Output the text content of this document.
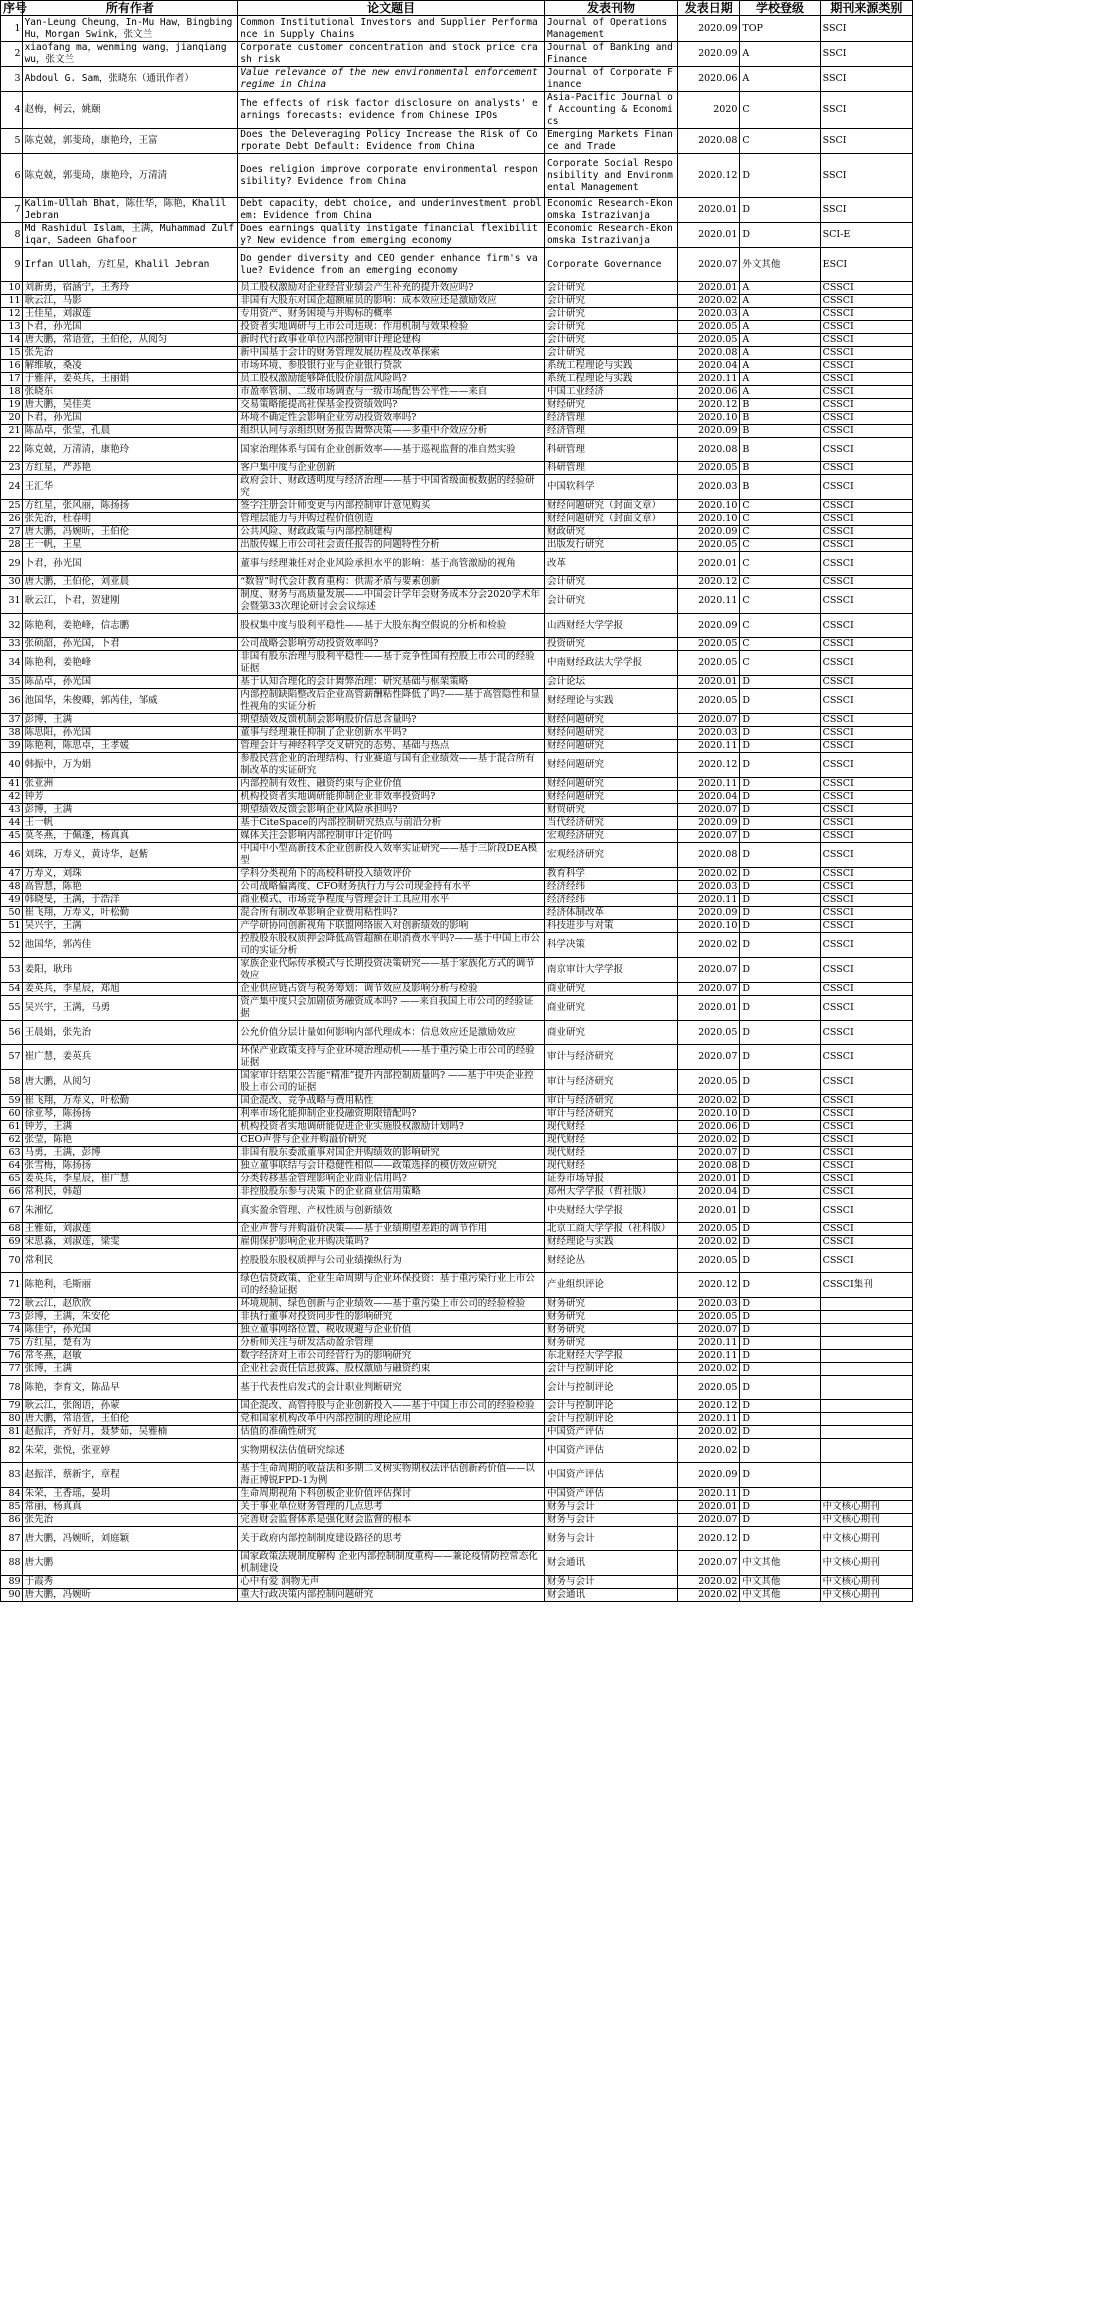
序号	所有作者	论文题目	发表刊物	发表日期	学校登级	期刊来源类别
1	Yan-Leung Cheung，In-Mu Haw，Bingbing Hu，Morgan Swink，张文兰	Common Institutional Investors and Supplier Performance in Supply Chains	Journal of Operations Management	2020.09	TOP	SSCI
2	xiaofang ma，wenming wang，jianqiang wu，张文兰	Corporate customer concentration and stock price crash risk	Journal of Banking and Finance	2020.09	A	SSCI
3	Abdoul G. Sam，张晓东（通讯作者）	Value relevance of the new environmental enforcement regime in China	Journal of Corporate Finance	2020.06	A	SSCI
4	赵梅，柯云，姚颐	The effects of risk factor disclosure on analysts' earnings forecasts: evidence from Chinese IPOs	Asia-Pacific Journal of Accounting & Economics	2020	C	SSCI
5	陈克兢，郭斐琦，康艳玲，王富	Does the Deleveraging Policy Increase the Risk of Corporate Debt Default: Evidence from China	Emerging Markets Finance and Trade	2020.08	C	SSCI
6	陈克兢，郭斐琦，康艳玲，万清清	Does religion improve corporate environmental responsibility? Evidence from China	Corporate Social Responsibility and Environmental Management	2020.12	D	SSCI
7	Kalim-Ullah Bhat，陈仕华，陈艳，Khalil Jebran	Debt capacity，debt choice, and underinvestment problem: Evidence from China	Economic Research-Ekonomska Istrazivanja	2020.01	D	SSCI
8	Md Rashidul Islam，王满，Muhammad Zulfiqar，Sadeen Ghafoor	Does earnings quality instigate financial flexibility? New evidence from emerging economy	Economic Research-Ekonomska Istrazivanja	2020.01	D	SCI-E
9	Irfan Ullah，方红星，Khalil Jebran	Do gender diversity and CEO gender enhance firm's value? Evidence from an emerging economy	Corporate Governance	2020.07	外文其他	ESCI
10	刘新勇，宿涵宁，王秀玲	员工股权激励对企业经营业绩会产生补充的提升效应吗?	会计研究	2020.01	A	CSSCI
11	耿云江，马影	非国有大股东对国企超额雇员的影响：成本效应还是激励效应	会计研究	2020.02	A	CSSCI
12	王佳星，刘淑莲	专用资产、财务困境与并购标的概率	会计研究	2020.03	A	CSSCI
13	卜君，孙光国	投资者实地调研与上市公司违规：作用机制与效果检验	会计研究	2020.05	A	CSSCI
14	唐大鹏，常语萱，王伯伦，从阅匀	新时代行政事业单位内部控制审计理论建构	会计研究	2020.05	A	CSSCI
15	张先治	新中国基于会计的财务管理发展历程及改革探索	会计研究	2020.08	A	CSSCI
16	解维敏，桑凌	市场环境、参股银行业与企业银行贷款	系统工程理论与实践	2020.04	A	CSSCI
17	于雅萍，姜英兵，王丽娟	员工股权激励能够降低股价崩盘风险吗?	系统工程理论与实践	2020.11	A	CSSCI
18	张晓东	市盈率管制、二级市场调查与一级市场配售公平性——来自	中国工业经济	2020.06	A	CSSCI
19	唐大鹏，吴佳美	交易策略能提高社保基金投资绩效吗?	财经研究	2020.12	B	CSSCI
20	卜君，孙光国	环境不确定性会影响企业劳动投资效率吗?	经济管理	2020.10	B	CSSCI
21	陈品卓，张莹，孔晨	组织认同与亲组织财务报告舞弊决策——多重中介效应分析	经济管理	2020.09	B	CSSCI
22	陈克兢，万清清，康艳玲	国家治理体系与国有企业创新效率——基于巡视监督的准自然实验	科研管理	2020.08	B	CSSCI
23	方红星，严苏艳	客户集中度与企业创新	科研管理	2020.05	B	CSSCI
24	王汇华	政府会计、财政透明度与经济治理——基于中国省级面板数据的经验研究	中国软科学	2020.03	B	CSSCI
25	方红星，张风丽，陈扬扬	签字注册会计师变更与内部控制审计意见购买	财经问题研究（封面文章）	2020.10	C	CSSCI
26	张先治，杜春明	管理层能力与并购过程价值创造	财经问题研究（封面文章）	2020.10	C	CSSCI
27	唐大鹏，冯婉昕，王伯伦	公共风险、财政政策与内部控制建构	财政研究	2020.09	C	CSSCI
28	王一帆，王星	出版传媒上市公司社会责任报告的问题特性分析	出版发行研究	2020.05	C	CSSCI
29	卜君，孙光国	董事与经理兼任对企业风险承担水平的影响：基于高管激励的视角	改革	2020.01	C	CSSCI
30	唐大鹏，王伯伦，刘亚晨	“数智”时代会计教育重构：供需矛盾与要素创新	会计研究	2020.12	C	CSSCI
31	耿云江，卜君，贺建刚	制度、财务与高质量发展——中国会计学年会财务成本分会2020学术年会暨第33次理论研讨会会议综述	会计研究	2020.11	C	CSSCI
32	陈艳利，姜艳峰，信志鹏	股权集中度与股利平稳性——基于大股东掏空假说的分析和检验	山西财经大学学报	2020.09	C	CSSCI
33	张硕韶，孙光国，卜君	公司战略会影响劳动投资效率吗?	投资研究	2020.05	C	CSSCI
34	陈艳利，姜艳峰	非国有股东治理与股利平稳性——基于竞争性国有控股上市公司的经验证据	中南财经政法大学学报	2020.05	C	CSSCI
35	陈品卓，孙光国	基于认知合理化的会计舞弊治理：研究基础与框架策略	会计论坛	2020.01	D	CSSCI
36	池国华，朱俊卿，郭芮佳，邹威	内部控制缺陷整改后企业高管薪酬粘性降低了吗?——基于高管隐性和显性视角的实证分析	财经理论与实践	2020.05	D	CSSCI
37	彭博，王满	期望绩效反馈机制会影响股价信息含量吗?	财经问题研究	2020.07	D	CSSCI
38	陈思阳，孙光国	董事与经理兼任抑制了企业创新水平吗?	财经问题研究	2020.03	D	CSSCI
39	陈艳利，陈思卓，王孝媛	管理会计与神经科学交叉研究的态势、基础与热点	财经问题研究	2020.11	D	CSSCI
40	韩振中，万为娟	参股民营企业的治理结构、行业赛道与国有企业绩效——基于混合所有制改革的实证研究	财经问题研究	2020.12	D	CSSCI
41	张亚洲	内部控制有效性、融资约束与企业价值	财经问题研究	2020.11	D	CSSCI
42	钟芳	机构投资者实地调研能抑制企业非效率投资吗?	财经问题研究	2020.04	D	CSSCI
43	彭博，王满	期望绩效反馈会影响企业风险承担吗?	财贸研究	2020.07	D	CSSCI
44	王一帆	基于CiteSpace的内部控制研究热点与前沿分析	当代经济研究	2020.09	D	CSSCI
45	莫冬燕，于佩蓬，杨真真	媒体关注会影响内部控制审计定价吗	宏观经济研究	2020.07	D	CSSCI
46	刘珠，万寿义，黄诗华，赵紫	中国中小型高新技术企业创新投入效率实证研究——基于三阶段DEA模型	宏观经济研究	2020.08	D	CSSCI
47	万寿义，刘珠	学科分类视角下的高校科研投入绩效评价	教育科学	2020.02	D	CSSCI
48	高智慧，陈艳	公司战略偏离度、CFO财务执行力与公司现金持有水平	经济经纬	2020.03	D	CSSCI
49	韩晓旻，王满，于浩洋	商业模式、市场竞争程度与管理会计工具应用水平	经济经纬	2020.11	D	CSSCI
50	崔飞翔，万寿义，叶松勤	混合所有制改革影响企业费用粘性吗?	经济体制改革	2020.09	D	CSSCI
51	吴兴宇，王满	产学研协同创新视角下联盟网络嵌入对创新绩效的影响	科技进步与对策	2020.10	D	CSSCI
52	池国华，郭芮佳	控股股东股权质押会降低高管超额在职消费水平吗?——基于中国上市公司的实证分析	科学决策	2020.02	D	CSSCI
53	姜阳，耿玮	家族企业代际传承模式与长期投资决策研究——基于家族化方式的调节效应	南京审计大学学报	2020.07	D	CSSCI
54	姜英兵，李星辰，郑旭	企业供应链占资与税务筹划：调节效应及影响分析与检验	商业研究	2020.07	D	CSSCI
55	吴兴宇，王满，马勇	资产集中度只会加剧债务融资成本吗? ——来自我国上市公司的经验证据	商业研究	2020.01	D	CSSCI
56	王晨娟，张先治	公允价值分层计量如何影响内部代理成本：信息效应还是激励效应	商业研究	2020.05	D	CSSCI
57	崔广慧，姜英兵	环保产业政策支持与企业环境治理动机——基于重污染上市公司的经验证据	审计与经济研究	2020.07	D	CSSCI
58	唐大鹏，从阅匀	国家审计结果公告能“精准”提升内部控制质量吗? ——基于中央企业控股上市公司的证据	审计与经济研究	2020.05	D	CSSCI
59	崔飞翔，万寿义，叶松勤	国企混改、竞争战略与费用粘性	审计与经济研究	2020.02	D	CSSCI
60	徐亚琴，陈扬扬	利率市场化能抑制企业投融资期限错配吗?	审计与经济研究	2020.10	D	CSSCI
61	钟芳，王满	机构投资者实地调研能促进企业实施股权激励计划吗?	现代财经	2020.06	D	CSSCI
62	张莹，陈艳	CEO声誉与企业并购溢价研究	现代财经	2020.02	D	CSSCI
63	马勇，王满，彭博	非国有股东委派董事对国企并购绩效的影响研究	现代财经	2020.07	D	CSSCI
64	张雪梅，陈扬扬	独立董事联结与会计稳健性相似——政策选择的模仿效应研究	现代财经	2020.08	D	CSSCI
65	姜英兵，李星辰，崔广慧	分类转移基金管理影响企业商业信用吗?	证券市场导报	2020.01	D	CSSCI
66	常利民，韩超	非控股股东参与决策下的企业商业信用策略	郑州大学学报（哲社版）	2020.04	D	CSSCI
67	朱湘忆	真实盈余管理、产权性质与创新绩效	中央财经大学学报	2020.01	D	CSSCI
68	王雅茹，刘淑莲	企业声誉与并购溢价决策——基于业绩期望差距的调节作用	北京工商大学学报（社科版）	2020.05	D	CSSCI
69	宋思淼，刘淑莲，梁雯	雇佣保护影响企业并购决策吗?	财经理论与实践	2020.02	D	CSSCI
70	常利民	控股股东股权质押与公司业绩操纵行为	财经论丛	2020.05	D	CSSCI
71	陈艳利，毛斯丽	绿色信贷政策、企业生命周期与企业环保投资：基于重污染行业上市公司的经验证据	产业组织评论	2020.12	D	CSSCI集刊
72	耿云江，赵欣欣	环境规制、绿色创新与企业绩效——基于重污染上市公司的经验检验	财务研究	2020.03	D	
73	彭博，王满，朱安伦	非执行董事对投资同步性的影响研究	财务研究	2020.05	D	
74	陈佳宁，孙光国	独立董事网络位置、税收规避与企业价值	财务研究	2020.07	D	
75	方红星，楚有为	分析师关注与研发活动盈余管理	财务研究	2020.11	D	
76	常冬燕，赵敏	数字经济对上市公司经营行为的影响研究	东北财经大学学报	2020.11	D	
77	张博，王满	企业社会责任信息披露、股权激励与融资约束	会计与控制评论	2020.02	D	
78	陈艳，李育文，陈品早	基于代表性启发式的会计职业判断研究	会计与控制评论	2020.05	D	
79	耿云江，张阁语，孙蒙	国企混改、高管持股与企业创新投入——基于中国上市公司的经验检验	会计与控制评论	2020.12	D	
80	唐大鹏，常语萱，王伯伦	党和国家机构改革中内部控制的理论应用	会计与控制评论	2020.11	D	
81	赵振洋，齐好月，聂梦茹，吴雅楠	估值的准确性研究	中国资产评估	2020.02	D	
82	朱荣，张悦，张亚婷	实物期权法估值研究综述	中国资产评估	2020.02	D	
83	赵振洋，蔡新宇，章程	基于生命周期的收益法和多期二叉树实物期权法评估创新药价值——以海正博锐FPD-1为例	中国资产评估	2020.09	D	
84	朱荣，王香瑶，晏玥	生命周期视角下科创板企业价值评估探讨	中国资产评估	2020.11	D	
85	常丽，杨真真	关于事业单位财务管理的几点思考	财务与会计	2020.01	D	中文核心期刊
86	张先治	完善财会监督体系是强化财会监督的根本	财务与会计	2020.07	D	中文核心期刊
87	唐大鹏，冯婉昕，刘庭颖	关于政府内部控制制度建设路径的思考	财务与会计	2020.12	D	中文核心期刊
88	唐大鹏	国家政策法规制度解构 企业内部控制制度重构——兼论疫情防控常态化机制建设	财会通讯	2020.07	中文其他	中文核心期刊
89	于霞秀	心中有爱 润物无声	财务与会计	2020.02	中文其他	中文核心期刊
90	唐大鹏，冯婉昕	重大行政决策内部控制问题研究	财会通讯	2020.02	中文其他	中文核心期刊
